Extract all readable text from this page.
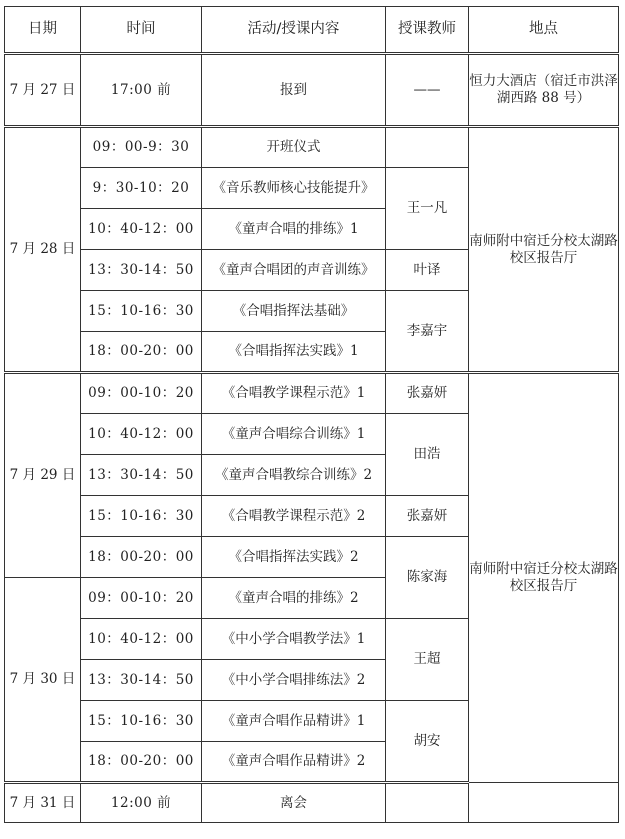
日期	时间	活动/授课内容	授课教师	地点
7 月 27 日	17:00 前	报到	——	恒力大酒店（宿迁市洪泽湖西路 88 号）
7 月 28 日	09：00-9：30	开班仪式		南师附中宿迁分校太湖路校区报告厅
	9：30-10：20	《音乐教师核心技能提升》	王一凡	
	10：40-12：00	《童声合唱的排练》1		
	13：30-14：50	《童声合唱团的声音训练》	叶译	
	15：10-16：30	《合唱指挥法基础》	李嘉宇	
	18：00-20：00	《合唱指挥法实践》1		
7 月 29 日	09：00-10：20	《合唱教学课程示范》1	张嘉妍	南师附中宿迁分校太湖路校区报告厅
	10：40-12：00	《童声合唱综合训练》1	田浩	
	13：30-14：50	《童声合唱教综合训练》2		
	15：10-16：30	《合唱教学课程示范》2	张嘉妍	
	18：00-20：00	《合唱指挥法实践》2	陈家海	
7 月 30 日	09：00-10：20	《童声合唱的排练》2		
	10：40-12：00	《中小学合唱教学法》1	王超	
	13：30-14：50	《中小学合唱排练法》2		
	15：10-16：30	《童声合唱作品精讲》1	胡安	
	18：00-20：00	《童声合唱作品精讲》2		
7 月 31 日	12:00 前	离会		
